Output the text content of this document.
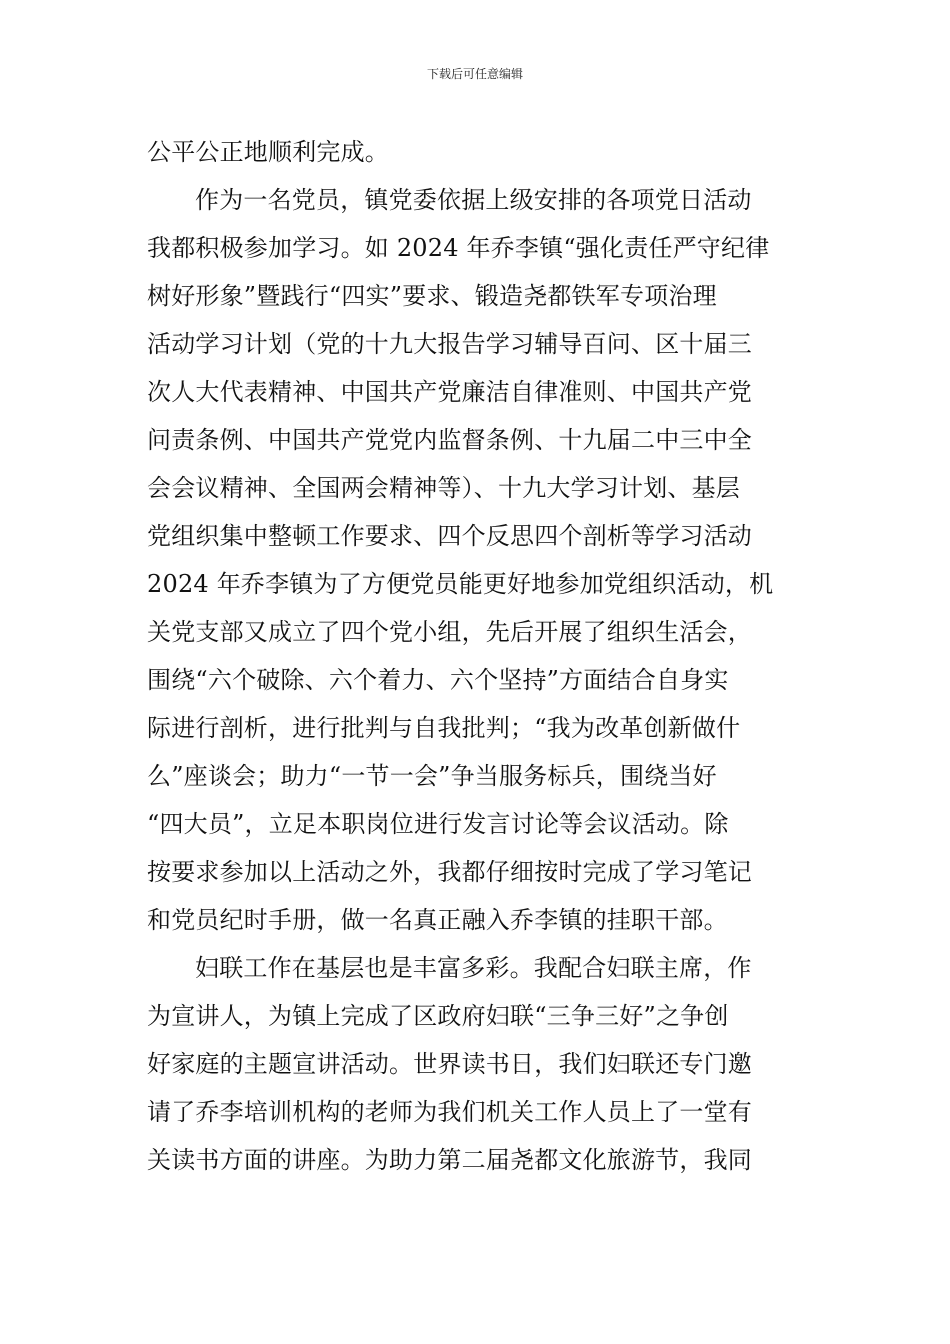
下载后可任意编辑
公平公正地顺利完成。
作为一名党员，镇党委依据上级安排的各项党日活动
我都积极参加学习。如 2024 年乔李镇“强化责任严守纪律
树好形象”暨践行“四实”要求、锻造尧都铁军专项治理
活动学习计划（党的十九大报告学习辅导百问、区十届三
次人大代表精神、中国共产党廉洁自律准则、中国共产党
问责条例、中国共产党党内监督条例、十九届二中三中全
会会议精神、全国两会精神等）、十九大学习计划、基层
党组织集中整顿工作要求、四个反思四个剖析等学习活动
2024 年乔李镇为了方便党员能更好地参加党组织活动，机
关党支部又成立了四个党小组，先后开展了组织生活会，
围绕“六个破除、六个着力、六个坚持”方面结合自身实
际进行剖析，进行批判与自我批判；“我为改革创新做什
么”座谈会；助力“一节一会”争当服务标兵，围绕当好
“四大员”，立足本职岗位进行发言讨论等会议活动。除
按要求参加以上活动之外，我都仔细按时完成了学习笔记
和党员纪时手册，做一名真正融入乔李镇的挂职干部。
妇联工作在基层也是丰富多彩。我配合妇联主席，作
为宣讲人，为镇上完成了区政府妇联“三争三好”之争创
好家庭的主题宣讲活动。世界读书日，我们妇联还专门邀
请了乔李培训机构的老师为我们机关工作人员上了一堂有
关读书方面的讲座。为助力第二届尧都文化旅游节，我同
